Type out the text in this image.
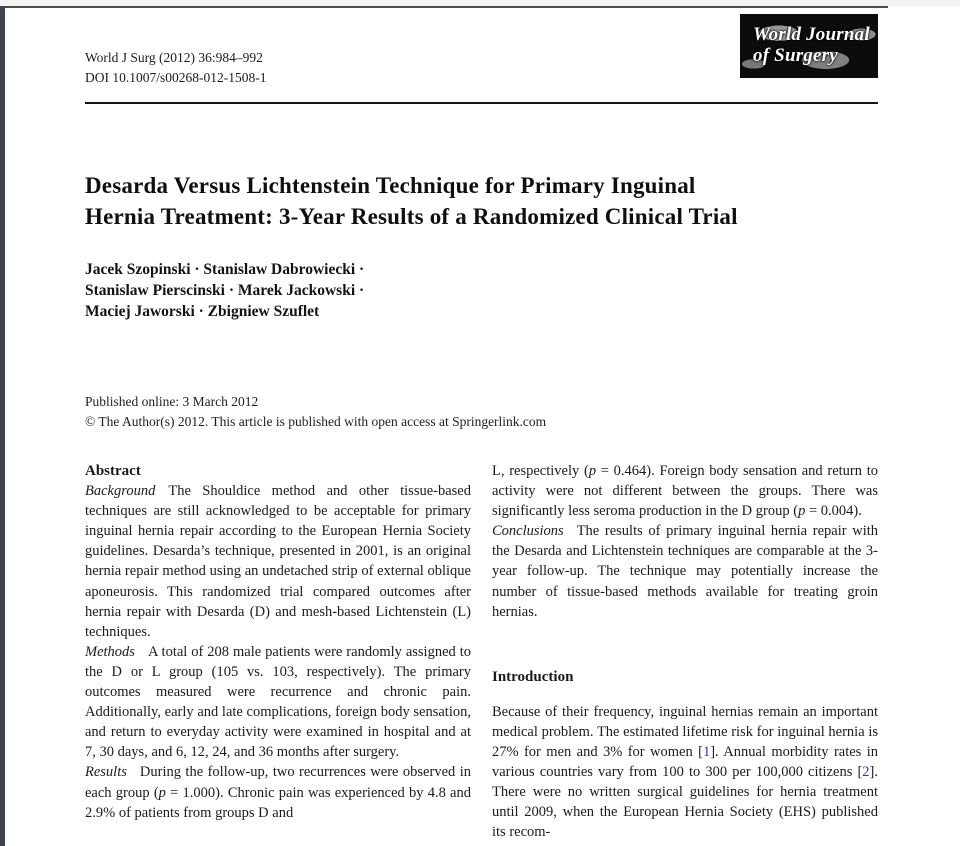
World J Surg (2012) 36:984–992
DOI 10.1007/s00268-012-1508-1
World Journal
of Surgery
Desarda Versus Lichtenstein Technique for Primary Inguinal
Hernia Treatment: 3-Year Results of a Randomized Clinical Trial
Jacek Szopinski · Stanislaw Dabrowiecki ·
Stanislaw Pierscinski · Marek Jackowski ·
Maciej Jaworski · Zbigniew Szuflet
Published online: 3 March 2012
© The Author(s) 2012. This article is published with open access at Springerlink.com
Abstract

Background The Shouldice method and other tissue-based techniques are still acknowledged to be acceptable for primary inguinal hernia repair according to the European Hernia Society guidelines. Desarda’s technique, presented in 2001, is an original hernia repair method using an undetached strip of external oblique aponeurosis. This randomized trial compared outcomes after hernia repair with Desarda (D) and mesh-based Lichtenstein (L) techniques.

Methods A total of 208 male patients were randomly assigned to the D or L group (105 vs. 103, respectively). The primary outcomes measured were recurrence and chronic pain. Additionally, early and late complications, foreign body sensation, and return to everyday activity were examined in hospital and at 7, 30 days, and 6, 12, 24, and 36 months after surgery.

Results During the follow-up, two recurrences were observed in each group (p = 1.000). Chronic pain was experienced by 4.8 and 2.9% of patients from groups D and

L, respectively (p = 0.464). Foreign body sensation and return to activity were not different between the groups. There was significantly less seroma production in the D group (p = 0.004).

Conclusions The results of primary inguinal hernia repair with the Desarda and Lichtenstein techniques are comparable at the 3-year follow-up. The technique may potentially increase the number of tissue-based methods available for treating groin hernias.

Introduction

Because of their frequency, inguinal hernias remain an important medical problem. The estimated lifetime risk for inguinal hernia is 27% for men and 3% for women [1]. Annual morbidity rates in various countries vary from 100 to 300 per 100,000 citizens [2]. There were no written surgical guidelines for hernia treatment until 2009, when the European Hernia Society (EHS) published its recom-
